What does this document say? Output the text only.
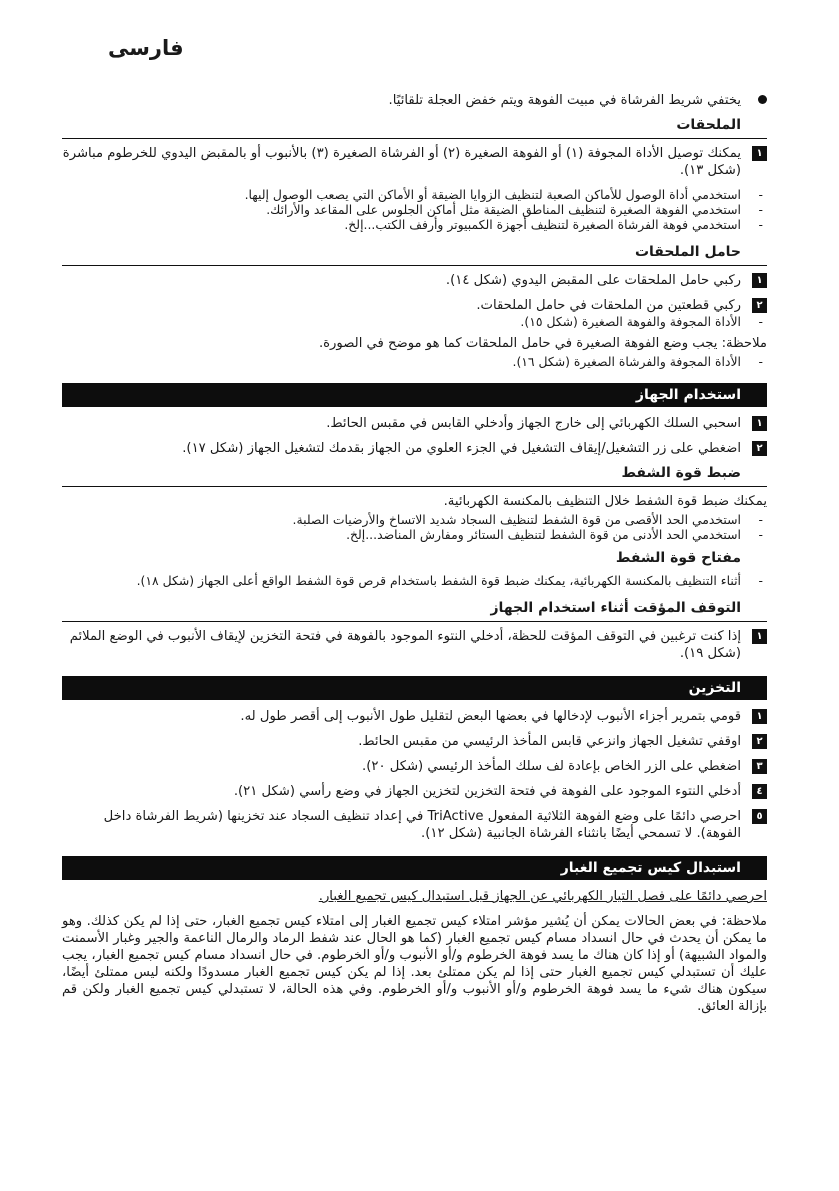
فارسی
یختفي شریط الفرشاة في مبیت الفوهة ویتم خفض العجلة تلقائیًا.
الملحقات
١
یمكنك توصیل الأداة المجوفة (١) أو الفوهة الصغیرة (٢) أو الفرشاة الصغیرة (٣) بالأنبوب أو بالمقبض الیدوي للخرطوم مباشرة (شكل ١٣).

- استخدمي أداة الوصول للأماكن الصعبة لتنظیف الزوایا الضیقة أو الأماكن التي یصعب الوصول إلیها.

- استخدمي الفوهة الصغیرة لتنظیف المناطق الضیقة مثل أماكن الجلوس على المقاعد والأرائك.

- استخدمي فوهة الفرشاة الصغیرة لتنظیف أجهزة الكمبیوتر وأرفف الكتب...إلخ.

حامل الملحقات
١
ركبي حامل الملحقات على المقبض الیدوي (شكل ١٤).
٢
ركبي قطعتین من الملحقات في حامل الملحقات.

- الأداة المجوفة والفوهة الصغیرة (شكل ١٥).

ملاحظة: یجب وضع الفوهة الصغیرة في حامل الملحقات كما هو موضح في الصورة.

- الأداة المجوفة والفرشاة الصغیرة (شكل ١٦).

استخدام الجهاز
١
اسحبي السلك الكهربائي إلى خارج الجهاز وأدخلي القابس في مقبس الحائط.
٢
اضغطي على زر التشغیل/إیقاف التشغیل في الجزء العلوي من الجهاز بقدمك لتشغیل الجهاز (شكل ١٧).
ضبط قوة الشفط

یمكنك ضبط قوة الشفط خلال التنظیف بالمكنسة الكهربائیة.

- استخدمي الحد الأقصى من قوة الشفط لتنظیف السجاد شدید الاتساخ والأرضیات الصلبة.

- استخدمي الحد الأدنى من قوة الشفط لتنظیف الستائر ومفارش المناضد...إلخ.

مفتاح قوة الشفط

- أثناء التنظیف بالمكنسة الكهربائیة، یمكنك ضبط قوة الشفط باستخدام قرص قوة الشفط الواقع أعلى الجهاز (شكل ١٨).

التوقف المؤقت أثناء استخدام الجهاز
١
إذا كنت ترغبین في التوقف المؤقت للحظة، أدخلي النتوء الموجود بالفوهة في فتحة التخزین لإیقاف الأنبوب في الوضع الملائم (شكل ١٩).
التخزین
١
قومي بتمریر أجزاء الأنبوب لإدخالها في بعضها البعض لتقلیل طول الأنبوب إلى أقصر طول له.
٢
اوقفي تشغیل الجهاز وانزعي قابس المأخذ الرئیسي من مقبس الحائط.
٣
اضغطي على الزر الخاص بإعادة لف سلك المأخذ الرئیسي (شكل ٢٠).
٤
أدخلي النتوء الموجود على الفوهة في فتحة التخزین لتخزین الجهاز في وضع رأسي (شكل ٢١).
٥
احرصي دائمًا على وضع الفوهة الثلاثیة المفعول TriActive في إعداد تنظیف السجاد عند تخزینها (شریط الفرشاة داخل الفوهة). لا تسمحي أیضًا بانثناء الفرشاة الجانبیة (شكل ١٢).
استبدال كیس تجمیع الغبار

احرصي دائمًا على فصل التیار الكهربائي عن الجهاز قبل استبدال كیس تجمیع الغبار.

ملاحظة: في بعض الحالات یمكن أن یُشیر مؤشر امتلاء كیس تجمیع الغبار إلى امتلاء كیس تجمیع الغبار، حتى إذا لم یكن كذلك. وهو ما یمكن أن یحدث في حال انسداد مسام كیس تجمیع الغبار (كما هو الحال عند شفط الرماد والرمال الناعمة والجیر وغبار الأسمنت والمواد الشبیهة) أو إذا كان هناك ما یسد فوهة الخرطوم و/أو الأنبوب و/أو الخرطوم. في حال انسداد مسام كیس تجمیع الغبار، یجب علیك أن تستبدلي كیس تجمیع الغبار حتى إذا لم یكن ممتلئ بعد. إذا لم یكن كیس تجمیع الغبار مسدودًا ولكنه لیس ممتلئ أیضًا، سیكون هناك شيء ما یسد فوهة الخرطوم و/أو الأنبوب و/أو الخرطوم. وفي هذه الحالة، لا تستبدلي كیس تجمیع الغبار ولكن قم بإزالة العائق.
